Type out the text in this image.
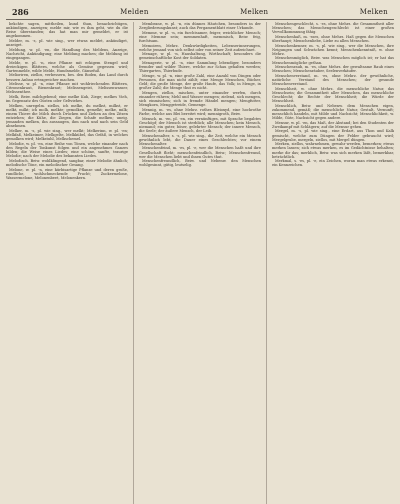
286	Melden	Melken	Melken

bekchte sagen, mittheilen, kund thun, benachrichtigen, ankündigen, anzeigen; melde mir, wie es ihm geht, wie du die Reise überstanden; das hat man mir gemeldet, er ist angekommen.

Melder, m. -s, pl. wie sing., wer etwas meldet, ankündiget, anzeiget.

Meldung, w. pl. -en, die Handlung des Meldens, Anzeige, Nachricht, Ankündigung; eine Meldung machen; die Meldung ist eingegangen.

Melde, w. pl. -n, eine Pflanze mit eckigem Stengel und dreieckigen Blättern, welche als Gemüse gegessen wird; Gartenmelde, wilde Melde, Hundsmelde, Gänsefuß.

Melioriren, ziellos, verbessern, bes. den Boden, das Land durch bessern Anbau ertragreicher machen.

Melisse, w. pl. -n, eine Pflanze mit wohlriechenden Blättern, Citronenkraut, Bienenkraut; Melissengeist, Melissenwasser, Melissenthee.

Melk, Beiw. milchgebend; eine melke Kuh, Ziege; melkes Vieh, im Gegensatz des Güsten oder Geltviehes.

Melken, unregelm. ziellos, ich melke, du melkst, milkst, er melkt, milkt; ich molk, melkte; gemolken, gemelkt; melke, milk; einem Thiere die Milch durch Drücken und Ziehen an den Zitzen entziehen; die Kühe, die Ziegen, die Schafe melken; uneig. jemanden melken, ihn aussaugen, ihm nach und nach sein Geld abnehmen.

Melker, m. -s, pl. wie sing., wer melkt; Melkerinn, w. pl. -en; Melkfaß, Melkeimer, Melkgelte, Melkkübel, das Gefäß, in welches gemolken wird; Melkstuhl, Melkschemel.

Melodie, w. pl. -en, eine Reihe von Tönen, welche einander nach den Regeln der Tonkunst folgen und ein angenehmes Ganzes bilden; die Weise eines Liedes; eine schöne, sanfte, traurige Melodie; nach der Melodie des bekannten Liedes.

Melodisch, Beiw. wohlklingend, sangbar, einer Melodie ähnlich; melodische Töne, ein melodischer Gesang.

Melone, w. pl. -n, eine kürbisartige Pflanze und deren große, rundliche, wohlschmeckende Frucht; Zuckermelone, Wassermelone, Melonenbeet, Melonenkern.

Membrane, w. pl. -n, ein dünnes Häutchen, besonders in der Zergliederungskunst; auch das Pergamentblatt einer Urkunde.

Memme, w. pl. -n, ein furchtsamer, feiger, weichlicher Mensch; eine Memme sein; memmenhaft, memmisch, Beiw. feig, furchtsam.

Memoiren, Mehrz. Denkwürdigkeiten, Lebenserinnerungen, welche jemand von sich selbst oder von seiner Zeit aufzeichnet.

Menage, w. pl. -n, Haushaltung, Wirthschaft; besonders die gemeinschaftliche Kost der Soldaten.

Menagerie, w. pl. -n, eine Sammlung lebendiger, besonders fremder und wilder Thiere, welche zur Schau gehalten werden; Thiergarten, Thierbude.

Menge, w. pl. -n, eine große Zahl, eine Anzahl von Dingen oder Personen, die man nicht zählt; eine Menge Menschen, Bücher, Geld; die große Menge, der große Haufe, das Volk; in Menge, in großer Zahl; die Menge thut es nicht.

Mengen, ziellos, mischen, unter einander werfen, durch einander rühren; Mehl und Wasser mengen; zielend, sich mengen, sich einmischen; sich in fremde Händel mengen; Mengfutter, Mengkorn, Menggetreide, Gemenge.

Mennig, m. -es, ohne Mehrz. rothes Bleioxyd, eine hochrothe Farbe, welche aus Blei bereitet wird; mennigroth, Beiw.

Mensch, m. -en, pl. -en, ein vernünftiges, mit Sprache begabtes Geschöpf; der Mensch ist sterblich; alle Menschen; kein Mensch, niemand; ein guter, böser, gelehrter Mensch; der innere Mensch, die Seele; der äußere Mensch, der Leib.

Menschenalter, s. -s, pl. wie sing., die Zeit, welche ein Mensch gewöhnlich lebt, die Dauer eines Geschlechtes; vor einem Menschenalter.

Menschenfeind, m. -es, pl. -e, wer die Menschen haßt und ihre Gesellschaft flieht; menschenfeindlich, Beiw.; Menschenfreund, wer die Menschen liebt und ihnen Gutes thut.

Menschenfreundlich, Beiw. und Nebenw. den Menschen wohlgesinnt, gütig, leutselig.

Menschengeschlecht, s. -es, ohne Mehrz. die Gesammtheit aller Menschen; das Menschengeschlecht ist einer großen Vervollkommnung fähig.

Menschenhaß, m. -sses, ohne Mehrz. Haß gegen die Menschen überhaupt; Menschenliebe, Liebe zu allen Menschen.

Menschenkenner, m. -s, pl. wie sing., wer die Menschen, ihre Neigungen und Schwächen kennt; Menschenkenntniß, w. ohne Mehrz.

Menschenmöglich, Beiw. was Menschen möglich ist; er hat das Menschenmögliche gethan.

Menschenraub, m. -es, ohne Mehrz. der gewaltsame Raub eines Menschen; Menschenräuber, Seelenverkäufer.

Menschenverstand, m. -es, ohne Mehrz. der gewöhnliche, natürliche Verstand des Menschen; der gesunde Menschenverstand.

Menschheit, w. ohne Mehrz. die menschliche Natur, das Menschsein; die Gesammtheit aller Menschen, das menschliche Geschlecht; die Rechte der Menschheit; die Würde der Menschheit.

Menschlich, Beiw. und Nebenw. dem Menschen eigen, zukommend, gemäß; die menschliche Natur, Gestalt, Vernunft; menschlich handeln, mit Milde und Nachsicht; Menschlichkeit, w. Milde, Güte, Nachsicht gegen andere.

Mensur, w. pl. -en, das Maß, der Abstand; bei den Studenten der Zweikampf mit Schlägern; auf die Mensur gehen.

Mergel, m. -s, pl. wie sing., eine Erdart, aus Thon und Kalk gemischt, welche zum Düngen der Felder gebraucht wird; Mergelgrube, mergeln, ziellos, mit Mergel düngen.

Merken, ziellos, wahrnehmen, gewahr werden, bemerken; etwas merken lassen; sich etwas merken, es im Gedächtnisse behalten; merke dir das; merklich, Beiw. was sich merken läßt, bemerkbar, beträchtlich.

Merkmal, s. -es, pl. -e, ein Zeichen, woran man etwas erkennt, ein Kennzeichen.
